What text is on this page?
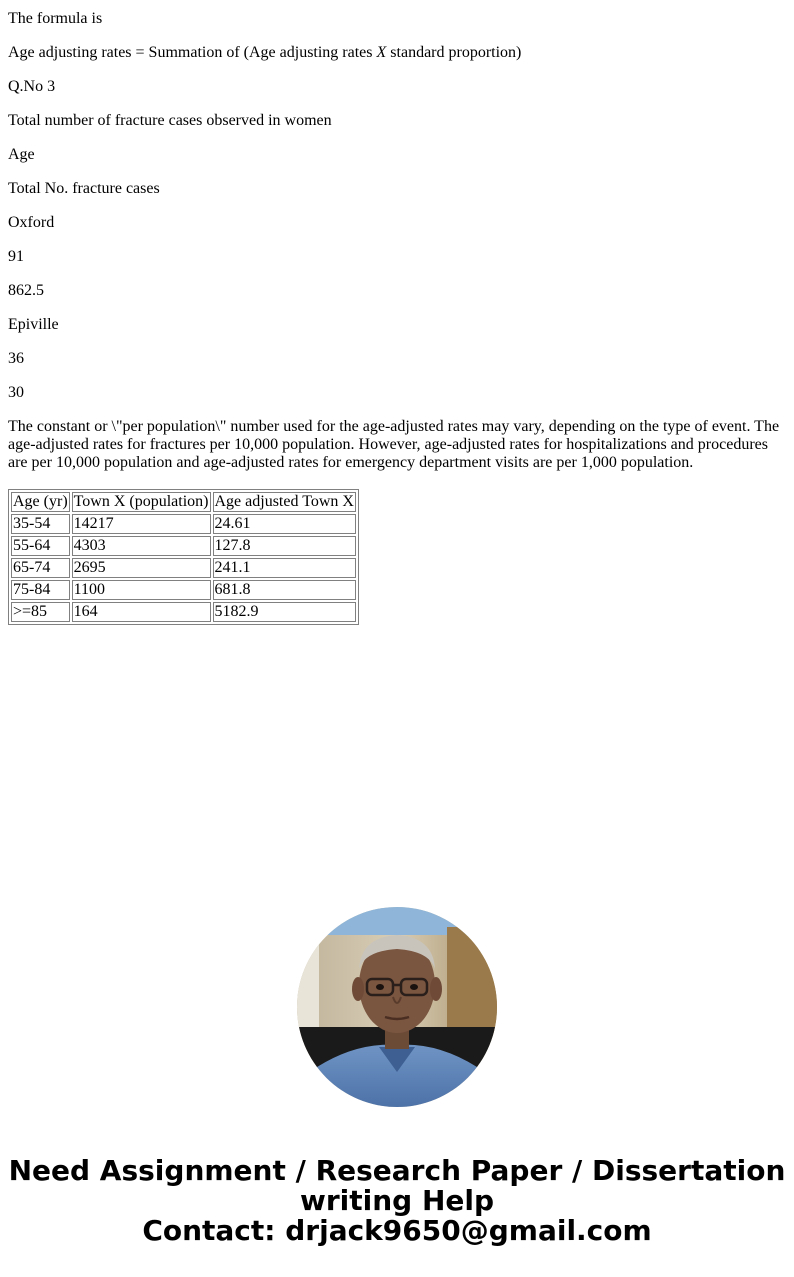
The formula is

Age adjusting rates = Summation of (Age adjusting rates X standard proportion)

Q.No 3

Total number of fracture cases observed in women

Age

Total No. fracture cases

Oxford

91

862.5

Epiville

36

30

The constant or \"per population\" number used for the age-adjusted rates may vary, depending on the type of event. The age-adjusted rates for fractures per 10,000 population. However, age-adjusted rates for hospitalizations and procedures are per 10,000 population and age-adjusted rates for emergency department visits are per 1,000 population.

Age (yr)	Town X (population)	Age adjusted Town X
35-54	14217	24.61
55-64	4303	127.8
65-74	2695	241.1
75-84	1100	681.8
>=85	164	5182.9
Need Assignment / Research Paper / Dissertation
writing Help
Contact: drjack9650@gmail.com
